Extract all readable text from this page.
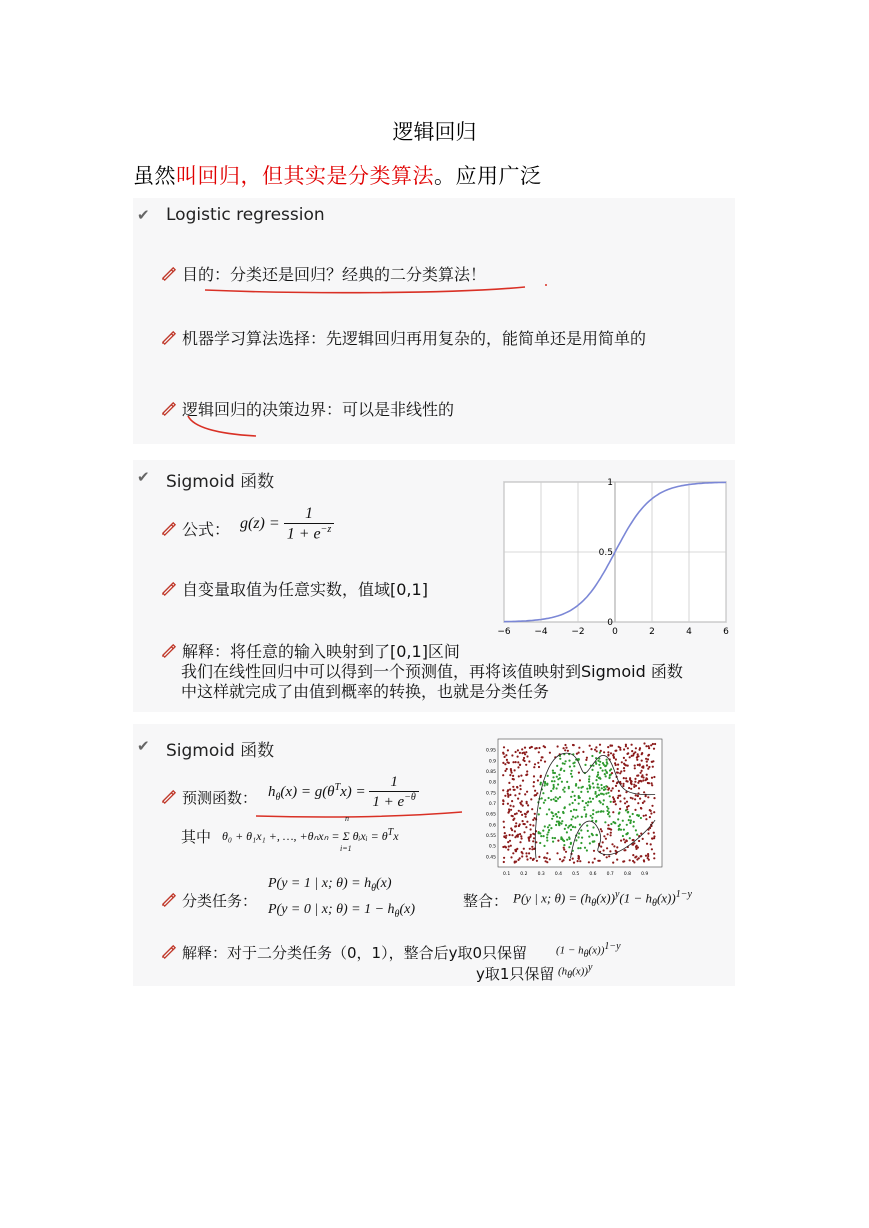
逻辑回归
虽然叫回归，但其实是分类算法。应用广泛
✔ Logistic regression
目的：分类还是回归？经典的二分类算法！
机器学习算法选择：先逻辑回归再用复杂的，能简单还是用简单的
逻辑回归的决策边界：可以是非线性的
✔ Sigmoid 函数
公式： $g(z) = \frac{1}{1 + e^{-z}}$
自变量取值为任意实数，值域[0,1]
解释：将任意的输入映射到了[0,1]区间
我们在线性回归中可以得到一个预测值，再将该值映射到Sigmoid 函数
中这样就完成了由值到概率的转换，也就是分类任务
−6	−4	−2	0	2	4	6
0
0.5
1
✔ Sigmoid 函数
预测函数： $h_\theta(x) = g(\theta^Tx) = \frac{1}{1 + e^{-\theta}}$
其中 θ₀ + θ₁x₁ +, …, +θₙxₙ = Σ θᵢxᵢ = $\theta^Tx$
n
i=1
分类任务：
P(y = 1 | x; $\theta) = h_\theta(x)$
P(y = 0 | x; $\theta) = 1 - h_\theta(x)$	整合： P(y | x; $\theta) = (h_\theta(x))^y(1 - h_\theta(x))^{1-y}$
解释：对于二分类任务（0，1），整合后y取0只保留	$(1 - h_\theta(x))^{1-y}$
y取1只保留 $(h_\theta(x))^y$
0.95
0.9
0.85
0.8
0.75
0.7
0.65
0.6
0.55
0.5
0.45
0.1 0.2 0.3 0.4 0.5 0.6 0.7 0.8 0.9
